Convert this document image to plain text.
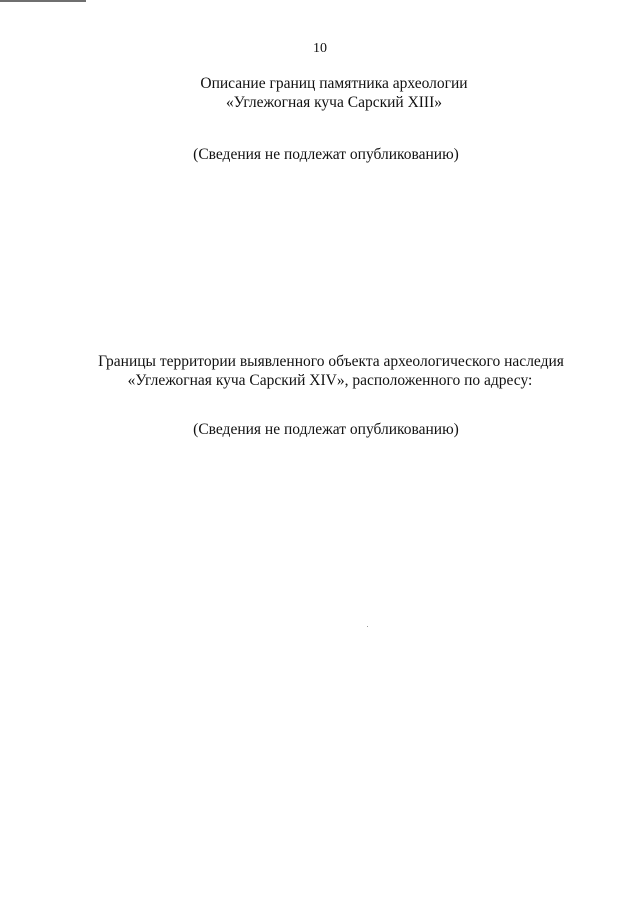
10
Описание границ памятника археологии
«Углежогная куча Сарский XIII»
(Сведения не подлежат опубликованию)
Границы территории выявленного объекта археологического наследия
«Углежогная куча Сарский XIV», расположенного по адресу:
(Сведения не подлежат опубликованию)
